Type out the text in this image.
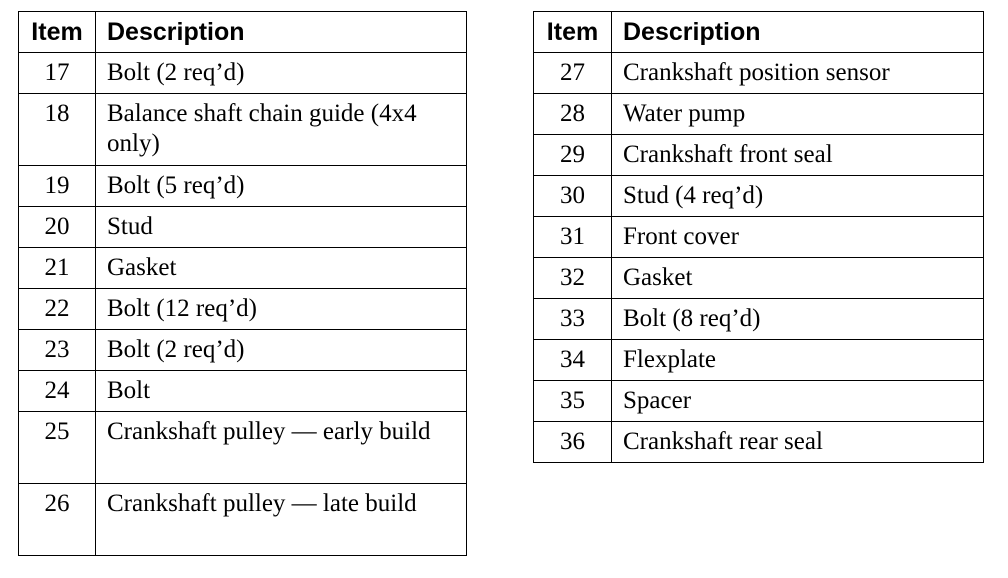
Item	Description
17	Bolt (2 req’d)
18	Balance shaft chain guide (4x4 only)
19	Bolt (5 req’d)
20	Stud
21	Gasket
22	Bolt (12 req’d)
23	Bolt (2 req’d)
24	Bolt
25	Crankshaft pulley — early build
26	Crankshaft pulley — late build
Item	Description
27	Crankshaft position sensor
28	Water pump
29	Crankshaft front seal
30	Stud (4 req’d)
31	Front cover
32	Gasket
33	Bolt (8 req’d)
34	Flexplate
35	Spacer
36	Crankshaft rear seal
